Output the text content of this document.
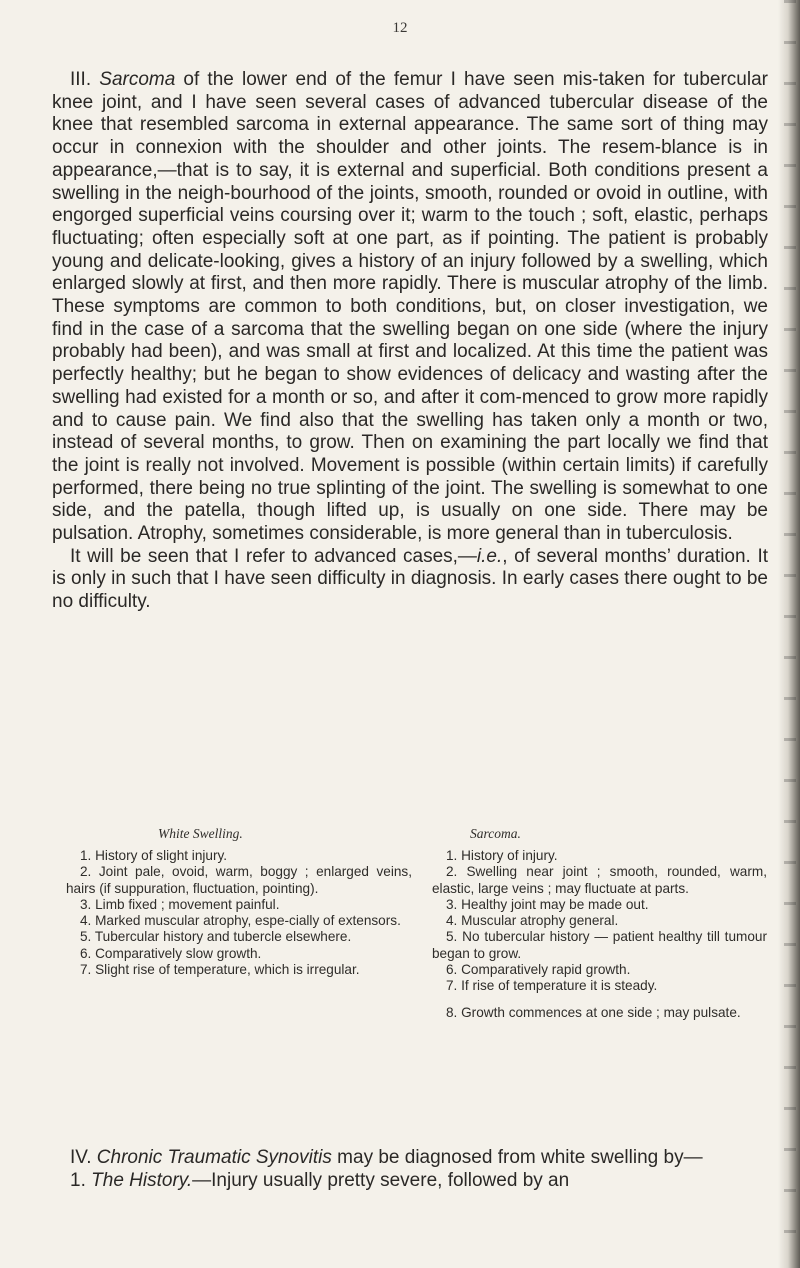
12

III. Sarcoma of the lower end of the femur I have seen mis-taken for tubercular knee joint, and I have seen several cases of advanced tubercular disease of the knee that resembled sarcoma in external appearance. The same sort of thing may occur in connexion with the shoulder and other joints. The resem-blance is in appearance,—that is to say, it is external and superficial. Both conditions present a swelling in the neigh-bourhood of the joints, smooth, rounded or ovoid in outline, with engorged superficial veins coursing over it; warm to the touch ; soft, elastic, perhaps fluctuating; often especially soft at one part, as if pointing. The patient is probably young and delicate-looking, gives a history of an injury followed by a swelling, which enlarged slowly at first, and then more rapidly. There is muscular atrophy of the limb. These symptoms are common to both conditions, but, on closer investigation, we find in the case of a sarcoma that the swelling began on one side (where the injury probably had been), and was small at first and localized. At this time the patient was perfectly healthy; but he began to show evidences of delicacy and wasting after the swelling had existed for a month or so, and after it com-menced to grow more rapidly and to cause pain. We find also that the swelling has taken only a month or two, instead of several months, to grow. Then on examining the part locally we find that the joint is really not involved. Movement is possible (within certain limits) if carefully performed, there being no true splinting of the joint. The swelling is somewhat to one side, and the patella, though lifted up, is usually on one side. There may be pulsation. Atrophy, sometimes considerable, is more general than in tuberculosis.

It will be seen that I refer to advanced cases,—i.e., of several months’ duration. It is only in such that I have seen difficulty in diagnosis. In early cases there ought to be no difficulty.

White Swelling.	Sarcoma.
1. History of slight injury.
2. Joint pale, ovoid, warm, boggy ; enlarged veins, hairs (if suppuration, fluctuation, pointing).
3. Limb fixed ; movement painful.
4. Marked muscular atrophy, espe-cially of extensors.
5. Tubercular history and tubercle elsewhere.
6. Comparatively slow growth.
7. Slight rise of temperature, which is irregular.
1. History of injury.
2. Swelling near joint ; smooth, rounded, warm, elastic, large veins ; may fluctuate at parts.
3. Healthy joint may be made out.
4. Muscular atrophy general.
5. No tubercular history — patient healthy till tumour began to grow.
6. Comparatively rapid growth.
7. If rise of temperature it is steady.
8. Growth commences at one side ; may pulsate.

IV. Chronic Traumatic Synovitis may be diagnosed from white swelling by—

1. The History.—Injury usually pretty severe, followed by an
